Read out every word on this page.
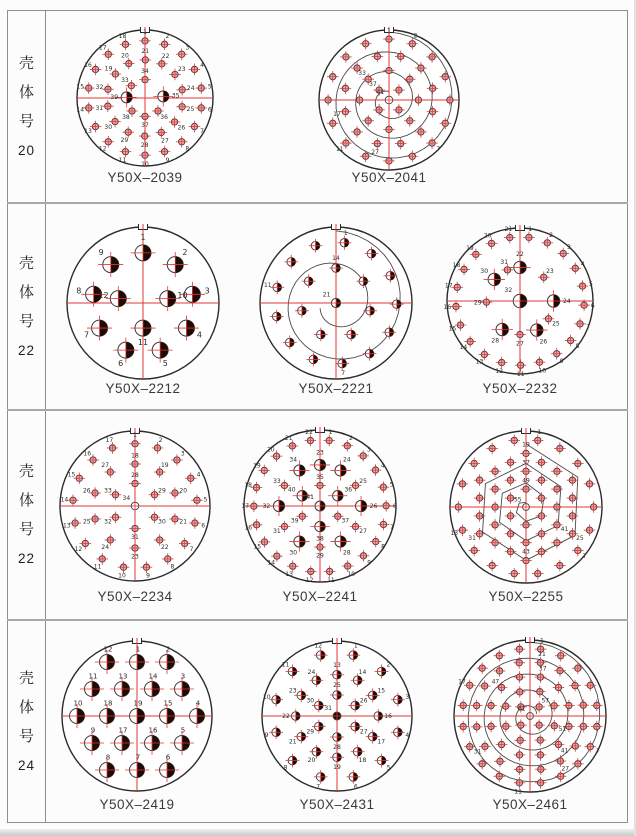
壳
体
号
20
壳
体
号
22
壳
体
号
22
壳
体
号
24
1
2
3
4
5
6
7
8
9
10
11
12
13
14
15
16
17
18
19
20
21
22
23
24
25
26
27
28
29
30
31
32
33
34
35
36
37
38
39
Y50X–2039
1
2
7
11
17
27
33
37
41
Y50X–2041
1
2
3
4
5
6
7
8
9
10
11
12
Y50X–2212
1
7
11
14
21
Y50X–2221
1
2
3
4
5
6
7
8
9
10
11
12
13
14
15
16
17
18
19
20
21
22
23
24
25
26
27
28
29
30
31
32
Y50X–2232
1
2
3
4
5
6
7
8
9
10
11
12
13
14
15
16
17
18
19
20
21
22
23
24
25
26
27
28
29
30
31
32
33
34
Y50X–2234
1
2
3
4
5
6
7
8
9
10
11
12
13
14
15
16
17
18
19
20
21
22
23
24
25
26
27
28
29
30
31
32
33
34
35
36
37
38
39
40
41
Y50X–2241
1
7
13
19
25
31
37
41
43
49
55
Y50X–2255
12	1	2
11	13	14	3
10	18	19	15	4
9	17	16	5
8	7	6
Y50X–2419
1
2
3
4
5
6
7
8
9
10
11
12
13
14
15
16
17
18
19
20
21
22
23
24
25
26
27
28
29
30
31
Y50X–2431
1
7
11
17
21
27
31
37
41
47
51
57
61
Y50X–2461
